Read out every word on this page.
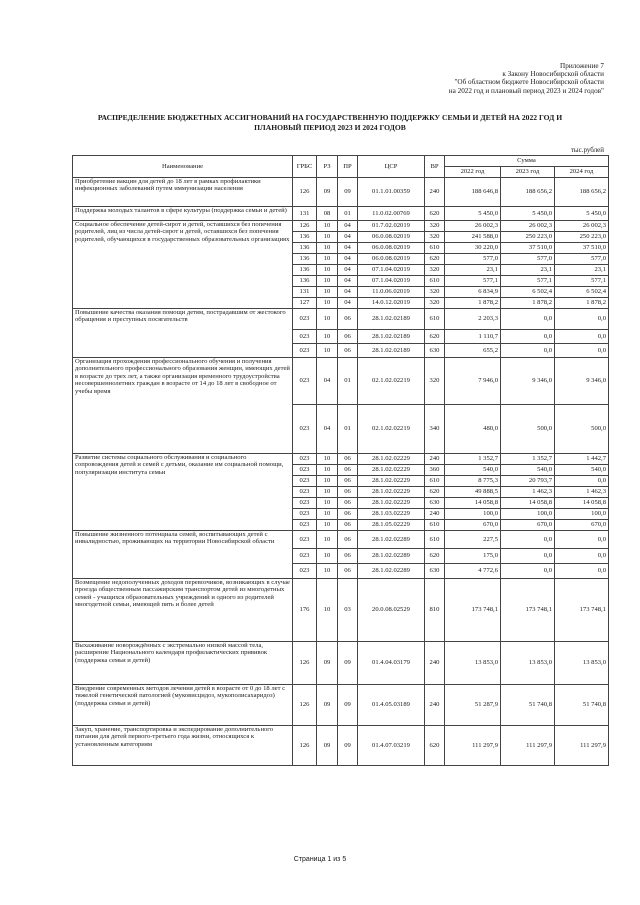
Приложение 7
к Закону Новосибирской области
"Об областном бюджете Новосибирской области
на 2022 год и плановый период 2023 и 2024 годов"
РАСПРЕДЕЛЕНИЕ БЮДЖЕТНЫХ АССИГНОВАНИЙ НА ГОСУДАРСТВЕННУЮ ПОДДЕРЖКУ СЕМЬИ И ДЕТЕЙ НА 2022 ГОД И
ПЛАНОВЫЙ ПЕРИОД 2023 И 2024 ГОДОВ
тыс.рублей
Наименование	ГРБС	РЗ	ПР	ЦСР	ВР	Сумма		
						2022 год	2023 год	2024 год
Приобретение вакцин для детей до 18 лет в рамках профилактики инфекционных заболеваний путем иммунизации населения	126	09	09	01.1.01.00359	240	188 646,8	188 656,2	188 656,2
Поддержка молодых талантов в сфере культуры (поддержка семьи и детей)	131	08	01	11.0.02.00769	620	5 450,0	5 450,0	5 450,0
Социальное обеспечение детей-сирот и детей, оставшихся без попечения родителей, лиц из числа детей-сирот и детей, оставшихся без попечения родителей, обучающихся в государственных образовательных организациях	126	10	04	01.7.02.02019	320	26 002,3	26 002,3	26 002,3
	136	10	04	06.0.08.02019	320	241 588,0	250 223,0	250 223,0
	136	10	04	06.0.08.02019	610	30 220,0	37 510,0	37 510,0
	136	10	04	06.0.08.02019	620	577,0	577,0	577,0
	136	10	04	07.1.04.02019	320	23,1	23,1	23,1
	136	10	04	07.1.04.02019	610	577,1	577,1	577,1
	131	10	04	11.0.06.02019	320	6 834,9	6 502,4	6 502,4
	127	10	04	14.0.12.02019	320	1 878,2	1 878,2	1 878,2
Повышение качества оказания помощи детям, пострадавшим от жестокого обращения и преступных посягательств	023	10	06	28.1.02.02189	610	2 203,3	0,0	0,0
	023	10	06	28.1.02.02189	620	1 110,7	0,0	0,0
	023	10	06	28.1.02.02189	630	655,2	0,0	0,0
Организация прохождения профессионального обучения и получения дополнительного профессионального образования женщин, имеющих детей в возрасте до трех лет, а также организация временного трудоустройства несовершеннолетних граждан в возрасте от 14 до 18 лет в свободное от учебы время	023	04	01	02.1.02.02219	320	7 946,0	9 346,0	9 346,0
	023	04	01	02.1.02.02219	340	480,0	500,0	500,0
Развитие системы социального обслуживания и социального сопровождения детей и семей с детьми, оказание им социальной помощи, популяризация института семьи	023	10	06	28.1.02.02229	240	1 352,7	1 352,7	1 442,7
	023	10	06	28.1.02.02229	360	540,0	540,0	540,0
	023	10	06	28.1.02.02229	610	8 775,3	20 793,7	0,0
	023	10	06	28.1.02.02229	620	49 888,5	1 462,3	1 462,3
	023	10	06	28.1.02.02229	630	14 058,8	14 058,8	14 058,8
	023	10	06	28.1.03.02229	240	100,0	100,0	100,0
	023	10	06	28.1.05.02229	610	670,0	670,0	670,0
Повышение жизненного потенциала семей, воспитывающих детей с инвалидностью, проживающих на территории Новосибирской области	023	10	06	28.1.02.02289	610	227,5	0,0	0,0
	023	10	06	28.1.02.02289	620	175,0	0,0	0,0
	023	10	06	28.1.02.02289	630	4 772,6	0,0	0,0
Возмещение недополученных доходов перевозчиков, возникающих в случае проезда общественным пассажирским транспортом детей из многодетных семей - учащихся образовательных учреждений и одного из родителей многодетной семьи, имеющей пять и более детей	176	10	03	20.0.08.02529	810	173 748,1	173 748,1	173 748,1
Выхаживание новорождённых с экстремально низкой массой тела, расширение Национального календаря профилактических прививок (поддержка семьи и детей)	126	09	09	01.4.04.03179	240	13 853,0	13 853,0	13 853,0
Внедрение современных методов лечения детей в возрасте от 0 до 18 лет с тяжелой генетической патологией (муковисцидоз, мукополисахаридоз) (поддержка семьи и детей)	126	09	09	01.4.05.03189	240	51 287,9	51 740,8	51 740,8
Закуп, хранение, транспортировка и экспедирование дополнительного питания для детей первого-третьего года жизни, относящихся к установленным категориям	126	09	09	01.4.07.03219	620	111 297,9	111 297,9	111 297,9
Страница 1 из 5
